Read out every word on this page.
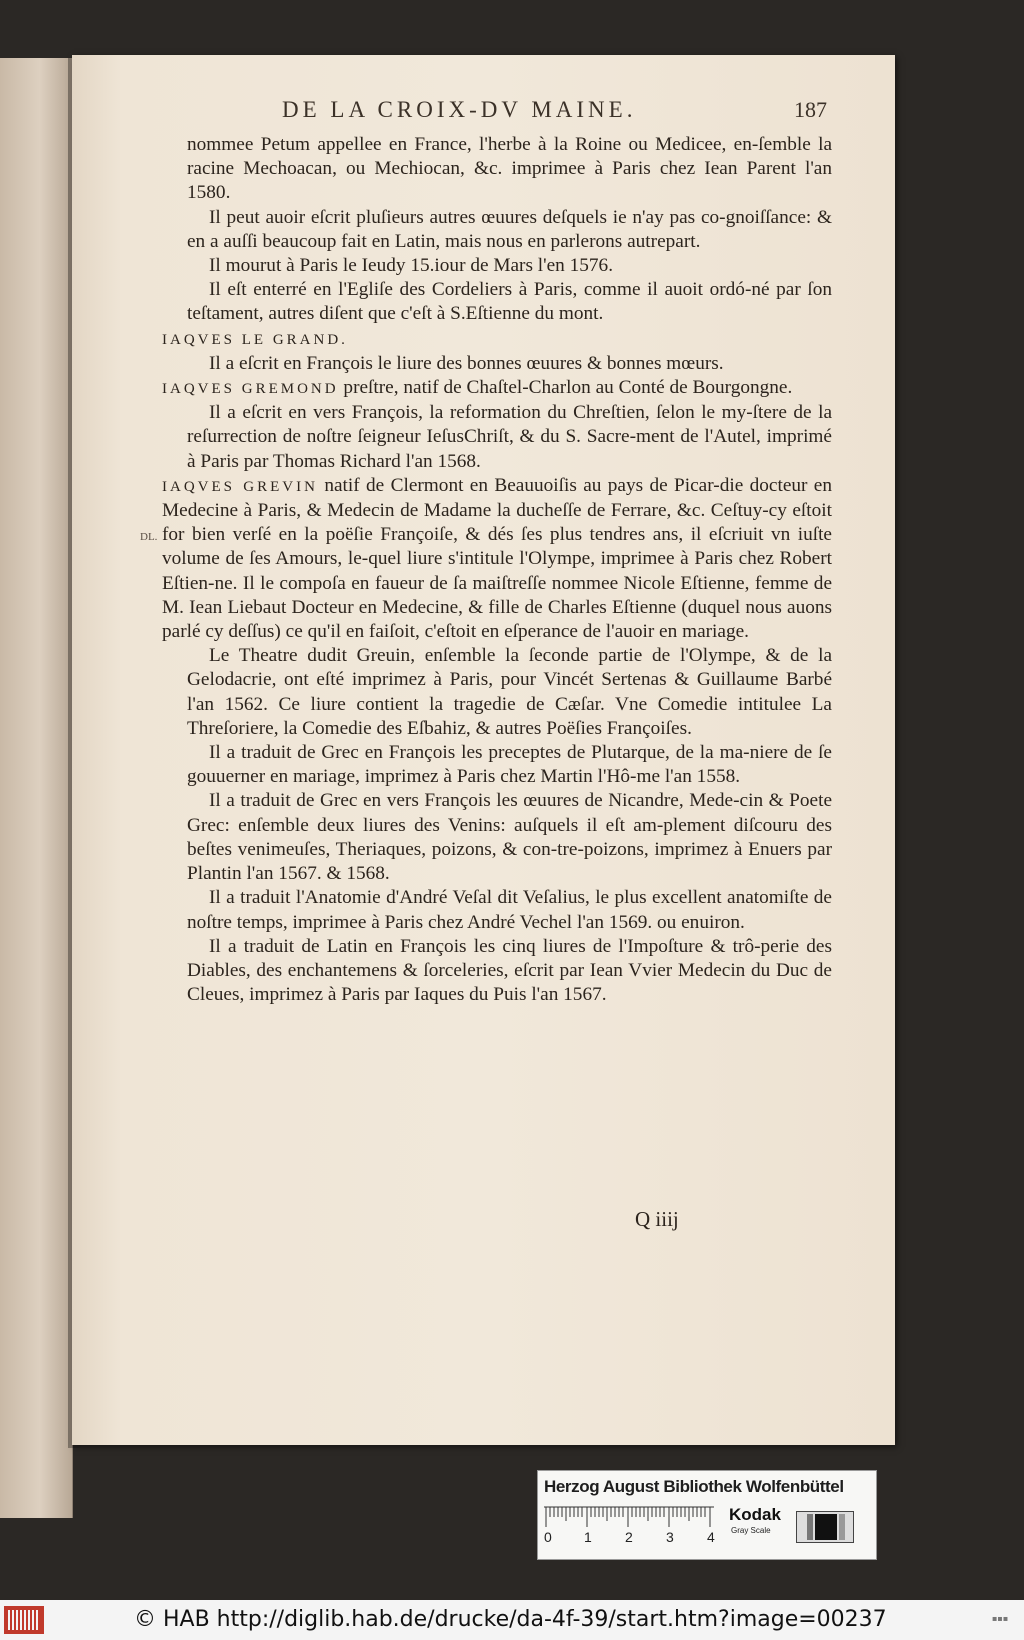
DE LA CROIX-DV MAINE.	187
DL.

nommee Petum appellee en France, l'herbe à la Roine ou Medicee, en-ſemble la racine Mechoacan, ou Mechiocan, &c. imprimee à Paris chez Iean Parent l'an 1580.

Il peut auoir eſcrit pluſieurs autres œuures deſquels ie n'ay pas co-gnoiſſance: & en a auſſi beaucoup fait en Latin, mais nous en parlerons autrepart.

Il mourut à Paris le Ieudy 15.iour de Mars l'en 1576.

Il eſt enterré en l'Egliſe des Cordeliers à Paris, comme il auoit ordó-né par ſon teſtament, autres diſent que c'eſt à S.Eſtienne du mont.

IAQVES LE GRAND.

Il a eſcrit en François le liure des bonnes œuures & bonnes mœurs.

IAQVES GREMOND preſtre, natif de Chaſtel-Charlon au Conté de Bourgongne.

Il a eſcrit en vers François, la reformation du Chreſtien, ſelon le my-ſtere de la reſurrection de noſtre ſeigneur IeſusChriſt, & du S. Sacre-ment de l'Autel, imprimé à Paris par Thomas Richard l'an 1568.

IAQVES GREVIN natif de Clermont en Beauuoiſis au pays de Picar-die docteur en Medecine à Paris, & Medecin de Madame la ducheſſe de Ferrare, &c. Ceſtuy-cy eſtoit for bien verſé en la poëſie Françoiſe, & dés ſes plus tendres ans, il eſcriuit vn iuſte volume de ſes Amours, le-quel liure s'intitule l'Olympe, imprimee à Paris chez Robert Eſtien-ne. Il le compoſa en faueur de ſa maiſtreſſe nommee Nicole Eſtienne, femme de M. Iean Liebaut Docteur en Medecine, & fille de Charles Eſtienne (duquel nous auons parlé cy deſſus) ce qu'il en faiſoit, c'eſtoit en eſperance de l'auoir en mariage.

Le Theatre dudit Greuin, enſemble la ſeconde partie de l'Olympe, & de la Gelodacrie, ont eſté imprimez à Paris, pour Vincét Sertenas & Guillaume Barbé l'an 1562. Ce liure contient la tragedie de Cæſar. Vne Comedie intitulee La Threſoriere, la Comedie des Eſbahiz, & autres Poëſies Françoiſes.

Il a traduit de Grec en François les preceptes de Plutarque, de la ma-niere de ſe gouuerner en mariage, imprimez à Paris chez Martin l'Hô-me l'an 1558.

Il a traduit de Grec en vers François les œuures de Nicandre, Mede-cin & Poete Grec: enſemble deux liures des Venins: auſquels il eſt am-plement diſcouru des beſtes venimeuſes, Theriaques, poizons, & con-tre-poizons, imprimez à Enuers par Plantin l'an 1567. & 1568.

Il a traduit l'Anatomie d'André Veſal dit Veſalius, le plus excellent anatomiſte de noſtre temps, imprimee à Paris chez André Vechel l'an 1569. ou enuiron.

Il a traduit de Latin en François les cinq liures de l'Impoſture & trô-perie des Diables, des enchantemens & ſorceleries, eſcrit par Iean Vvier Medecin du Duc de Cleues, imprimez à Paris par Iaques du Puis l'an 1567.

Q iiij
Herzog August Bibliothek Wolfenbüttel
0 1 2 3 4
Kodak
Gray Scale
© HAB http://diglib.hab.de/drucke/da-4f-39/start.htm?image=00237	▪▪▪
